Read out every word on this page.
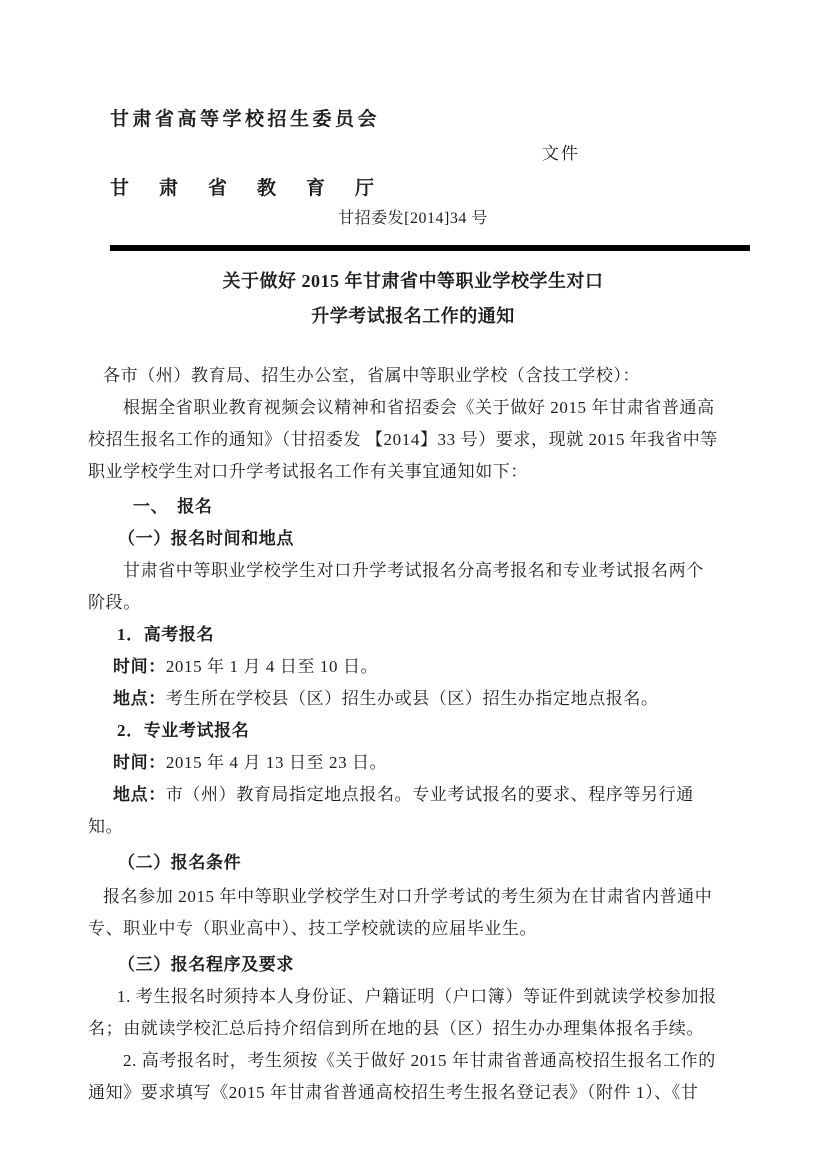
甘肃省高等学校招生委员会
文件
甘肃省教育厅
甘招委发[2014]34 号
关于做好 2015 年甘肃省中等职业学校学生对口
升学考试报名工作的通知
各市（州）教育局、招生办公室，省属中等职业学校（含技工学校）：
根据全省职业教育视频会议精神和省招委会《关于做好 2015 年甘肃省普通高
校招生报名工作的通知》（甘招委发 【2014】33 号）要求，现就 2015 年我省中等
职业学校学生对口升学考试报名工作有关事宜通知如下：
一、　报名
（一）报名时间和地点
甘肃省中等职业学校学生对口升学考试报名分高考报名和专业考试报名两个
阶段。
1．高考报名
时间：2015 年 1 月 4 日至 10 日。
地点：考生所在学校县（区）招生办或县（区）招生办指定地点报名。
2．专业考试报名
时间：2015 年 4 月 13 日至 23 日。
地点：市（州）教育局指定地点报名。专业考试报名的要求、程序等另行通
知。
（二）报名条件
报名参加 2015 年中等职业学校学生对口升学考试的考生须为在甘肃省内普通中
专、职业中专（职业高中）、技工学校就读的应届毕业生。
（三）报名程序及要求
1. 考生报名时须持本人身份证、户籍证明（户口簿）等证件到就读学校参加报
名；由就读学校汇总后持介绍信到所在地的县（区）招生办办理集体报名手续。
2. 高考报名时，考生须按《关于做好 2015 年甘肃省普通高校招生报名工作的
通知》要求填写《2015 年甘肃省普通高校招生考生报名登记表》（附件 1）、《甘
